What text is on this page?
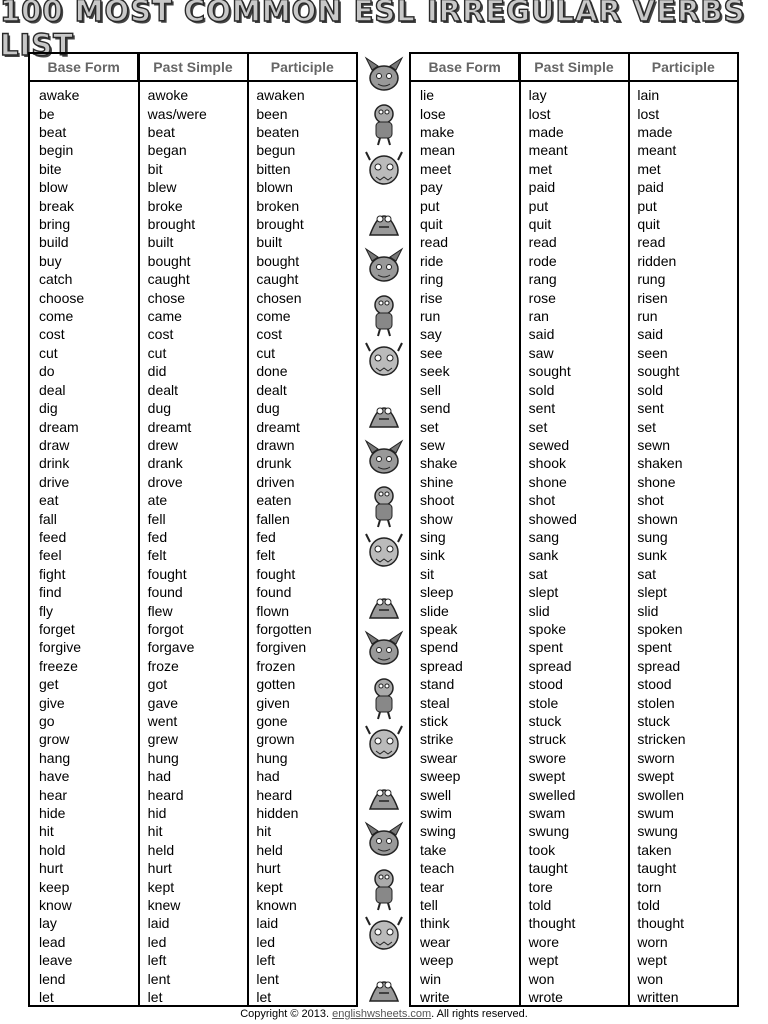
100 MOST COMMON ESL IRREGULAR VERBS LIST
Base Form	Past Simple	Participle
awake	awoke	awaken
be	was/were	been
beat	beat	beaten
begin	began	begun
bite	bit	bitten
blow	blew	blown
break	broke	broken
bring	brought	brought
build	built	built
buy	bought	bought
catch	caught	caught
choose	chose	chosen
come	came	come
cost	cost	cost
cut	cut	cut
do	did	done
deal	dealt	dealt
dig	dug	dug
dream	dreamt	dreamt
draw	drew	drawn
drink	drank	drunk
drive	drove	driven
eat	ate	eaten
fall	fell	fallen
feed	fed	fed
feel	felt	felt
fight	fought	fought
find	found	found
fly	flew	flown
forget	forgot	forgotten
forgive	forgave	forgiven
freeze	froze	frozen
get	got	gotten
give	gave	given
go	went	gone
grow	grew	grown
hang	hung	hung
have	had	had
hear	heard	heard
hide	hid	hidden
hit	hit	hit
hold	held	held
hurt	hurt	hurt
keep	kept	kept
know	knew	known
lay	laid	laid
lead	led	led
leave	left	left
lend	lent	lent
let	let	let
Base Form	Past Simple	Participle
lie	lay	lain
lose	lost	lost
make	made	made
mean	meant	meant
meet	met	met
pay	paid	paid
put	put	put
quit	quit	quit
read	read	read
ride	rode	ridden
ring	rang	rung
rise	rose	risen
run	ran	run
say	said	said
see	saw	seen
seek	sought	sought
sell	sold	sold
send	sent	sent
set	set	set
sew	sewed	sewn
shake	shook	shaken
shine	shone	shone
shoot	shot	shot
show	showed	shown
sing	sang	sung
sink	sank	sunk
sit	sat	sat
sleep	slept	slept
slide	slid	slid
speak	spoke	spoken
spend	spent	spent
spread	spread	spread
stand	stood	stood
steal	stole	stolen
stick	stuck	stuck
strike	struck	stricken
swear	swore	sworn
sweep	swept	swept
swell	swelled	swollen
swim	swam	swum
swing	swung	swung
take	took	taken
teach	taught	taught
tear	tore	torn
tell	told	told
think	thought	thought
wear	wore	worn
weep	wept	wept
win	won	won
write	wrote	written
Copyright © 2013. englishwsheets.com. All rights reserved.
